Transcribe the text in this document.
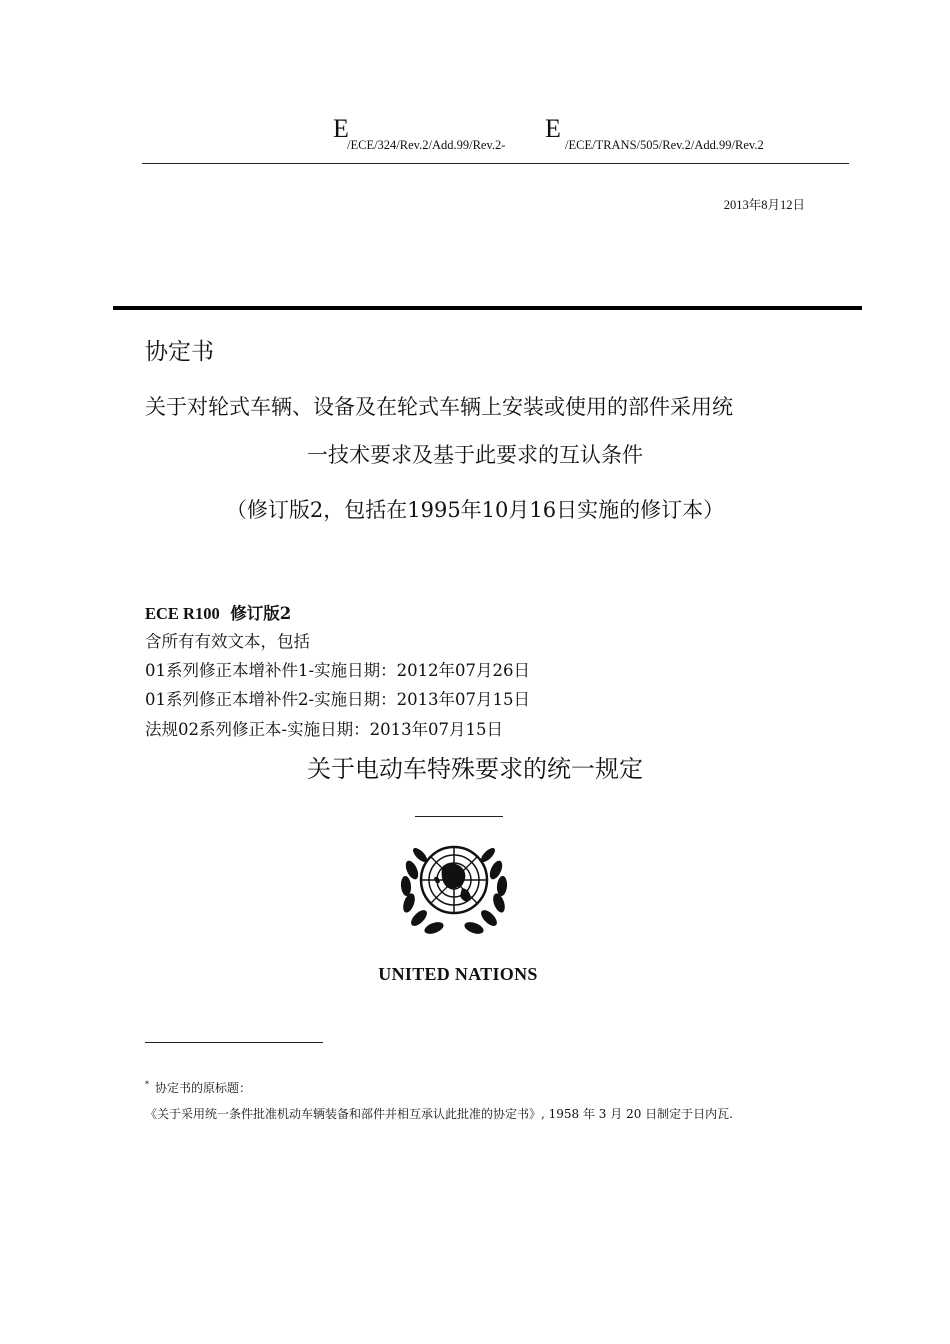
E
/ECE/324/Rev.2/Add.99/Rev.2-
E
/ECE/TRANS/505/Rev.2/Add.99/Rev.2
2013年8月12日
协定书
关于对轮式车辆、设备及在轮式车辆上安装或使用的部件采用统
一技术要求及基于此要求的互认条件
（修订版2，包括在1995年10月16日实施的修订本）
ECE R100 修订版2
含所有有效文本，包括
01系列修正本增补件1-实施日期：2012年07月26日
01系列修正本增补件2-实施日期：2013年07月15日
法规02系列修正本-实施日期：2013年07月15日
关于电动车特殊要求的统一规定
UNITED NATIONS
* 协定书的原标题：
《关于采用统一条件批准机动车辆装备和部件并相互承认此批准的协定书》, 1958 年 3 月 20 日制定于日内瓦.
